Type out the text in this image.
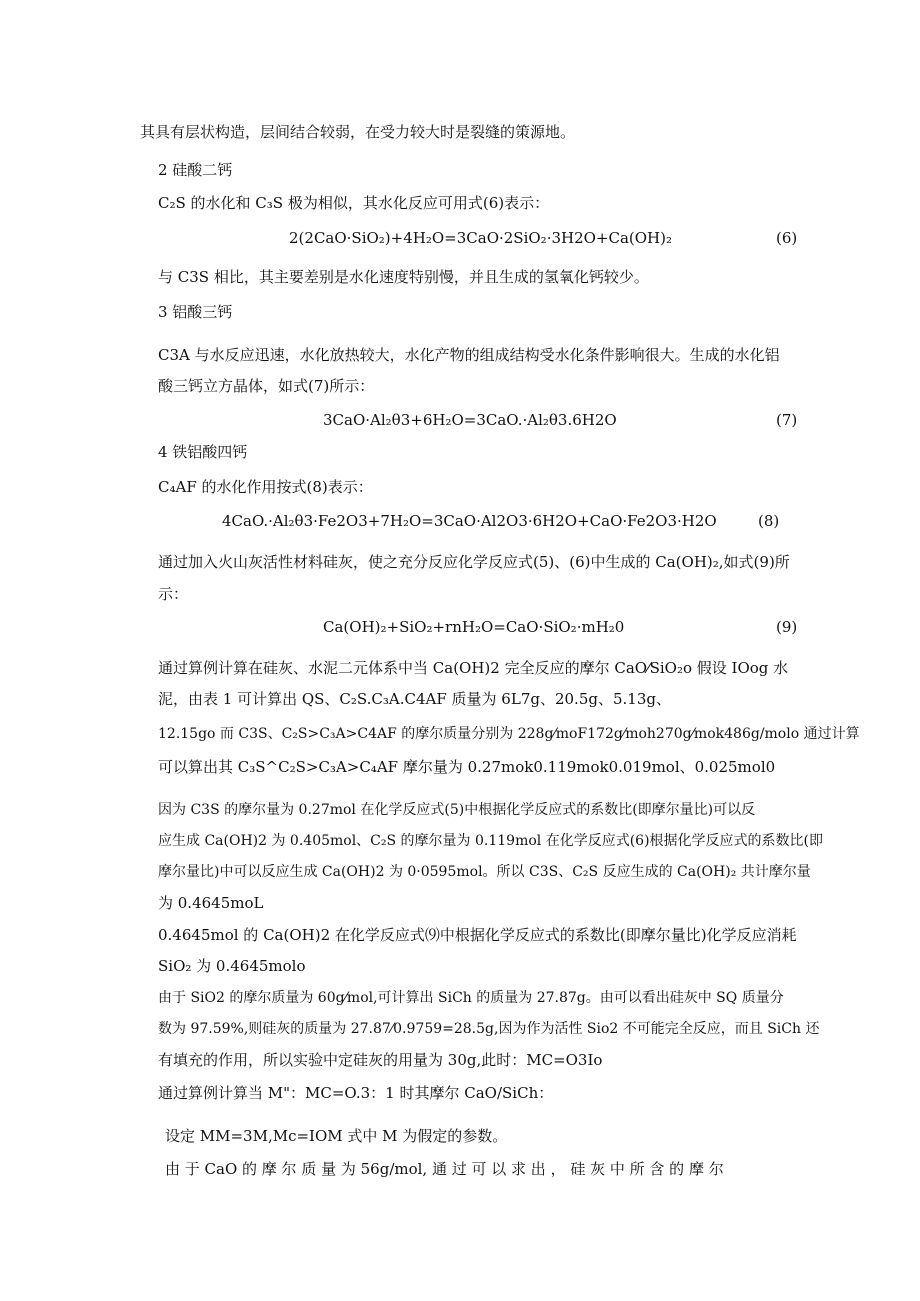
其具有层状构造，层间结合较弱，在受力较大时是裂缝的策源地。
2 硅酸二钙
C₂S 的水化和 C₃S 极为相似，其水化反应可用式(6)表示：
2(2CaO·SiO₂)+4H₂O=3CaO·2SiO₂·3H2O+Ca(OH)₂	(6)
与 C3S 相比，其主要差别是水化速度特别慢，并且生成的氢氧化钙较少。
3 铝酸三钙
C3A 与水反应迅速，水化放热较大，水化产物的组成结构受水化条件影响很大。生成的水化铝
酸三钙立方晶体，如式(7)所示：
3CaO·Al₂θ3+6H₂O=3CaO.·Al₂θ3.6H2O	(7)
4 铁铝酸四钙
C₄AF 的水化作用按式(8)表示：
4CaO.·Al₂θ3·Fe2O3+7H₂O=3CaO·Al2O3·6H2O+CaO·Fe2O3·H2O	(8)
通过加入火山灰活性材料硅灰，使之充分反应化学反应式(5)、(6)中生成的 Ca(OH)₂,如式(9)所
示：
Ca(OH)₂+SiO₂+rnH₂O=CaO·SiO₂·mH₂0	(9)
通过算例计算在硅灰、水泥二元体系中当 Ca(OH)2 完全反应的摩尔 CaO⁄SiO₂o 假设 IOog 水
泥，由表 1 可计算出 QS、C₂S.C₃A.C4AF 质量为 6L7g、20.5g、5.13g、
12.15go 而 C3S、C₂S>C₃A>C4AF 的摩尔质量分别为 228g⁄moF172g⁄moh270g⁄mok486g/molo 通过计算
可以算出其 C₃S^C₂S>C₃A>C₄AF 摩尔量为 0.27mok0.119mok0.019mol、0.025mol0
因为 C3S 的摩尔量为 0.27mol 在化学反应式(5)中根据化学反应式的系数比(即摩尔量比)可以反
应生成 Ca(OH)2 为 0.405mol、C₂S 的摩尔量为 0.119mol 在化学反应式(6)根据化学反应式的系数比(即
摩尔量比)中可以反应生成 Ca(OH)2 为 0·0595mol。所以 C3S、C₂S 反应生成的 Ca(OH)₂ 共计摩尔量
为 0.4645moL
0.4645mol 的 Ca(OH)2 在化学反应式⑼中根据化学反应式的系数比(即摩尔量比)化学反应消耗
SiO₂ 为 0.4645molo
由于 SiO2 的摩尔质量为 60g⁄mol,可计算出 SiCh 的质量为 27.87g。由可以看出硅灰中 SQ 质量分
数为 97.59%,则硅灰的质量为 27.87⁄0.9759=28.5g,因为作为活性 Sio2 不可能完全反应，而且 SiCh 还
有填充的作用，所以实验中定硅灰的用量为 30g,此时：MC=O3Io
通过算例计算当 M"：MC=O.3：1 时其摩尔 CaO/SiCh：
设定 MM=3M,Mc=IOM 式中 M 为假定的参数。
由 于 CaO 的 摩 尔 质 量 为 56g/mol, 通 过 可 以 求 出 ， 硅 灰 中 所 含 的 摩 尔
